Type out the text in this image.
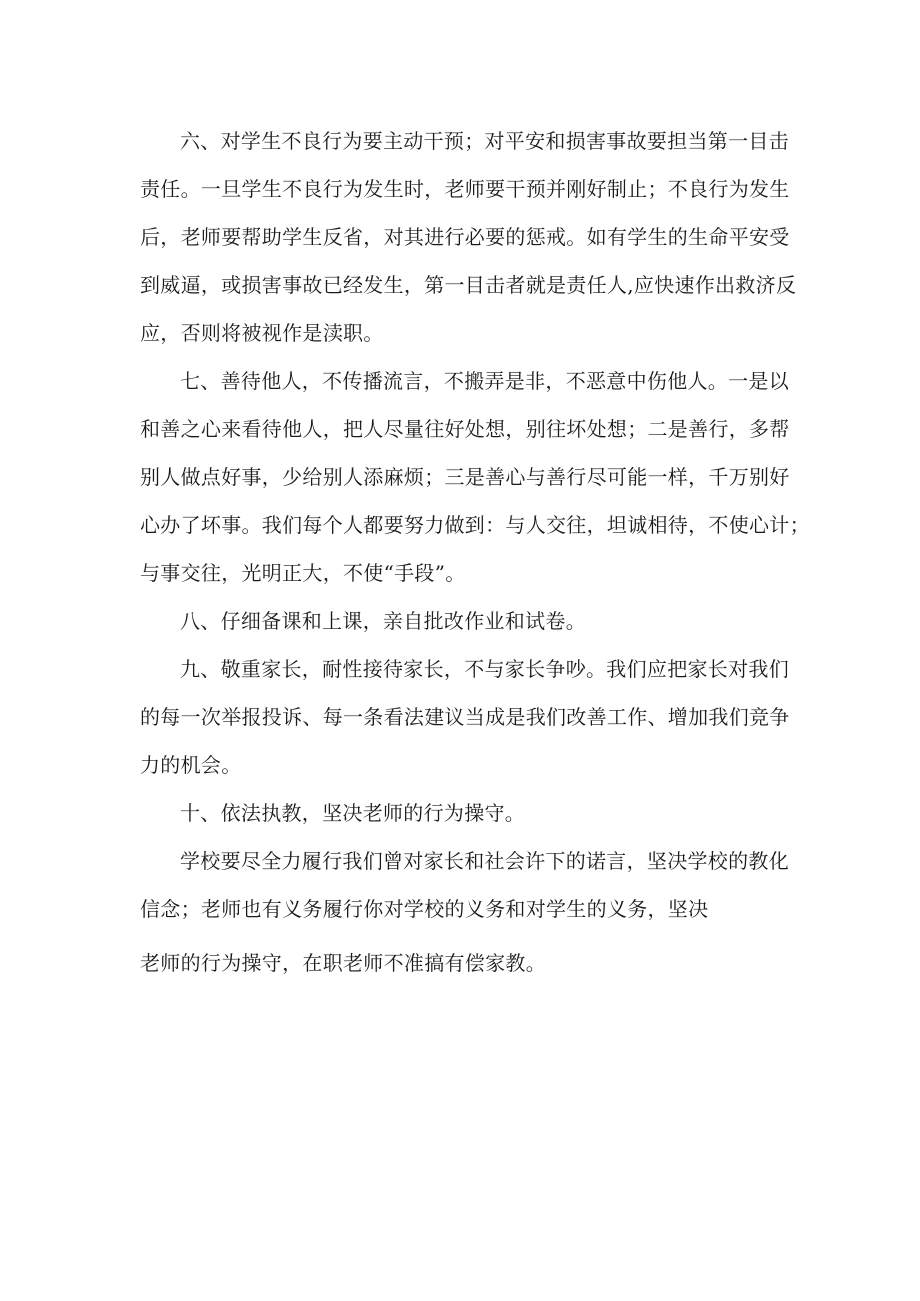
六、对学生不良行为要主动干预；对平安和损害事故要担当第一目击

责任。一旦学生不良行为发生时，老师要干预并刚好制止；不良行为发生

后，老师要帮助学生反省，对其进行必要的惩戒。如有学生的生命平安受

到威逼，或损害事故已经发生，第一目击者就是责任人,应快速作出救济反

应，否则将被视作是渎职。

七、善待他人，不传播流言，不搬弄是非，不恶意中伤他人。一是以

和善之心来看待他人，把人尽量往好处想，别往坏处想；二是善行，多帮

别人做点好事，少给别人添麻烦；三是善心与善行尽可能一样，千万别好

心办了坏事。我们每个人都要努力做到：与人交往，坦诚相待，不使心计；

与事交往，光明正大，不使“手段”。

八、仔细备课和上课，亲自批改作业和试卷。

九、敬重家长，耐性接待家长，不与家长争吵。我们应把家长对我们

的每一次举报投诉、每一条看法建议当成是我们改善工作、增加我们竞争

力的机会。

十、依法执教，坚决老师的行为操守。

学校要尽全力履行我们曾对家长和社会许下的诺言，坚决学校的教化

信念；老师也有义务履行你对学校的义务和对学生的义务，坚决

老师的行为操守，在职老师不准搞有偿家教。
